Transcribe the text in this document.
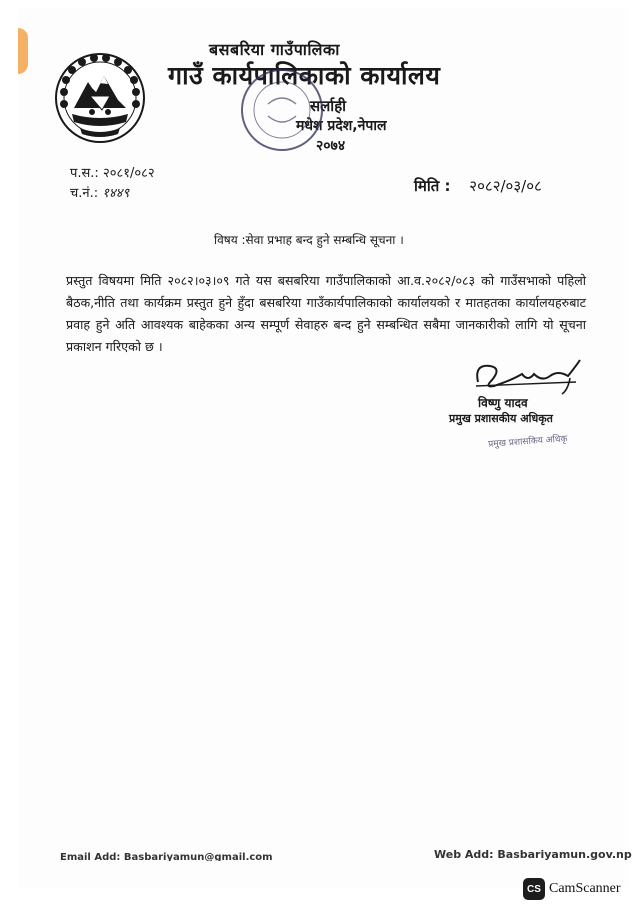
बसबरिया गाउँपालिका
गाउँ कार्यपालिकाको कार्यालय
सर्लाही
मधेश प्रदेश,नेपाल
२०७४
प.स.: २०८१/०८२
च.नं.: १४४९	मिति : २०८२/०३/०८
विषय :सेवा प्रभाह बन्द हुने सम्बन्धि सूचना ।
प्रस्तुत विषयमा मिति २०८२।०३।०९ गते यस बसबरिया गाउँपालिकाको आ.व.२०८२/०८३ को गाउँसभाको पहिलो बैठक,नीति तथा कार्यक्रम प्रस्तुत हुने हुँदा बसबरिया गाउँकार्यपालिकाको कार्यालयको र मातहतका कार्यालयहरुबाट प्रवाह हुने अति आवश्यक बाहेकका अन्य सम्पूर्ण सेवाहरु बन्द हुने सम्बन्धित सबैमा जानकारीको लागि यो सूचना प्रकाशन गरिएको छ ।
विष्णु यादव
प्रमुख प्रशासकीय अधिकृत
प्रमुख प्रशासकिय अधिकृ
Email Add: Basbariyamun@gmail.com	Web Add: Basbariyamun.gov.np
CS CamScanner
